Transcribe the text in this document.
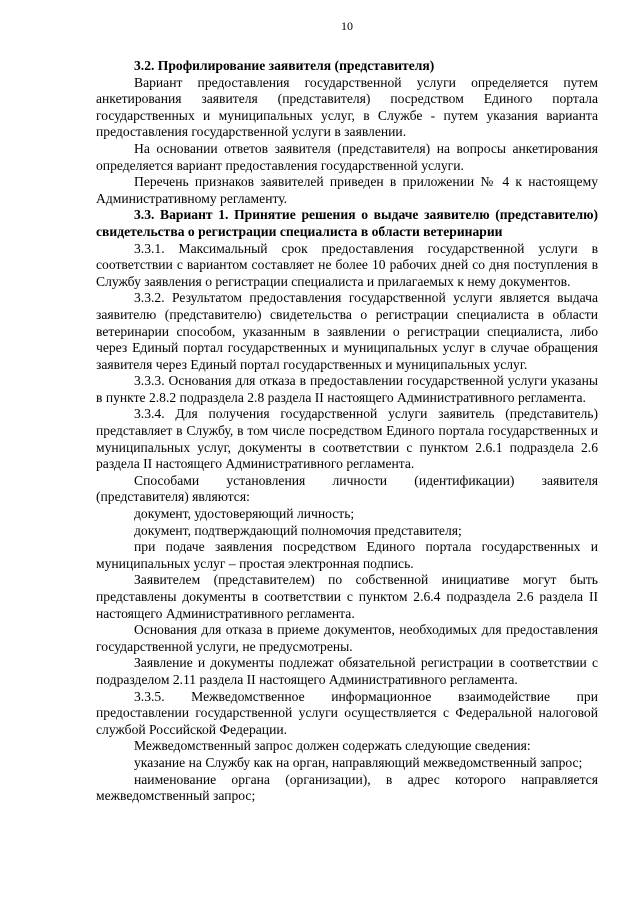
10

3.2. Профилирование заявителя (представителя)

Вариант предоставления государственной услуги определяется путем анкетирования заявителя (представителя) посредством Единого портала государственных и муниципальных услуг, в Службе - путем указания варианта предоставления государственной услуги в заявлении.

На основании ответов заявителя (представителя) на вопросы анкетирования определяется вариант предоставления государственной услуги.

Перечень признаков заявителей приведен в приложении № 4 к настоящему Административному регламенту.

3.3. Вариант 1. Принятие решения о выдаче заявителю (представителю) свидетельства о регистрации специалиста в области ветеринарии

3.3.1. Максимальный срок предоставления государственной услуги в соответствии с вариантом составляет не более 10 рабочих дней со дня поступления в Службу заявления о регистрации специалиста и прилагаемых к нему документов.

3.3.2. Результатом предоставления государственной услуги является выдача заявителю (представителю) свидетельства о регистрации специалиста в области ветеринарии способом, указанным в заявлении о регистрации специалиста, либо через Единый портал государственных и муниципальных услуг в случае обращения заявителя через Единый портал государственных и муниципальных услуг.

3.3.3. Основания для отказа в предоставлении государственной услуги указаны в пункте 2.8.2 подраздела 2.8 раздела II настоящего Административного регламента.

3.3.4. Для получения государственной услуги заявитель (представитель) представляет в Службу, в том числе посредством Единого портала государственных и муниципальных услуг, документы в соответствии с пунктом 2.6.1 подраздела 2.6 раздела II настоящего Административного регламента.

Способами установления личности (идентификации) заявителя (представителя) являются:

документ, удостоверяющий личность;

документ, подтверждающий полномочия представителя;

при подаче заявления посредством Единого портала государственных и муниципальных услуг – простая электронная подпись.

Заявителем (представителем) по собственной инициативе могут быть представлены документы в соответствии с пунктом 2.6.4 подраздела 2.6 раздела II настоящего Административного регламента.

Основания для отказа в приеме документов, необходимых для предоставления государственной услуги, не предусмотрены.

Заявление и документы подлежат обязательной регистрации в соответствии с подразделом 2.11 раздела II настоящего Административного регламента.

3.3.5. Межведомственное информационное взаимодействие при предоставлении государственной услуги осуществляется с Федеральной налоговой службой Российской Федерации.

Межведомственный запрос должен содержать следующие сведения:

указание на Службу как на орган, направляющий межведомственный запрос;

наименование органа (организации), в адрес которого направляется межведомственный запрос;
